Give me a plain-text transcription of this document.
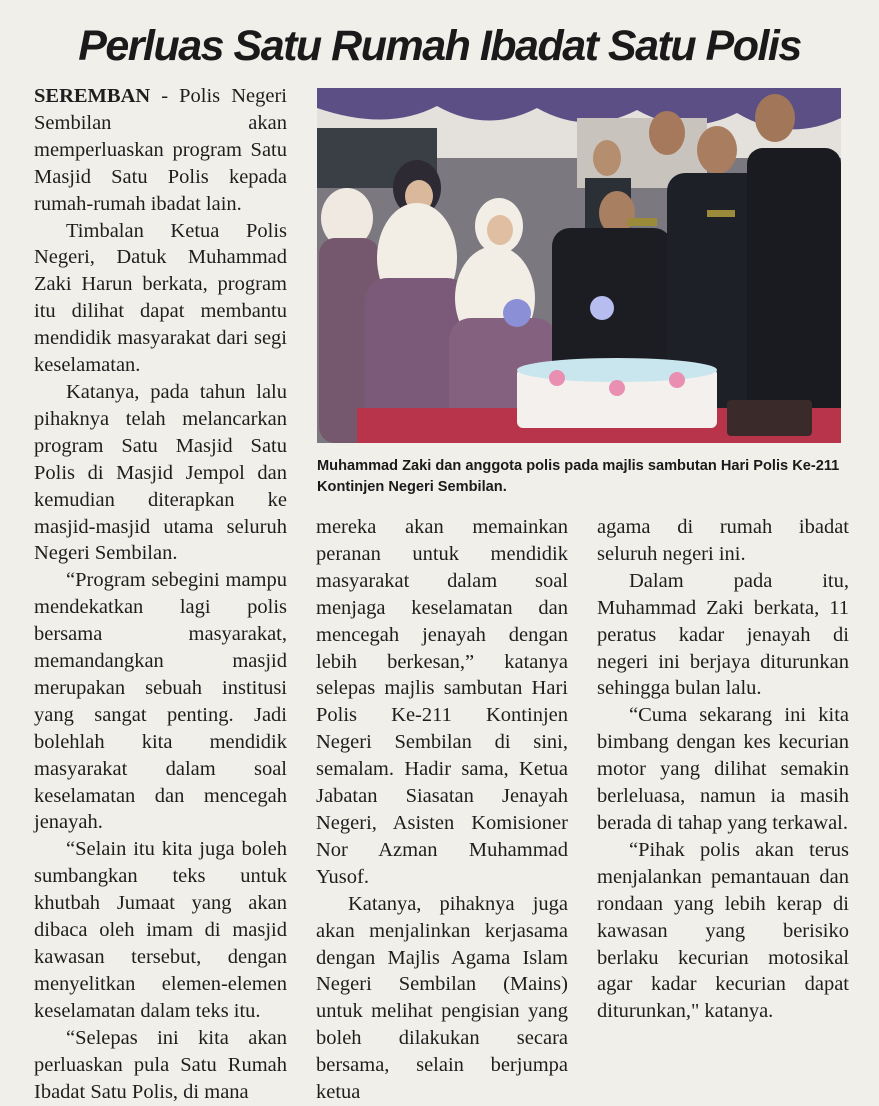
Perluas Satu Rumah Ibadat Satu Polis

SEREMBAN - Polis Negeri Sembilan akan memperluaskan program Satu Masjid Satu Polis kepada rumah-rumah ibadat lain.

Timbalan Ketua Polis Negeri, Datuk Muhammad Zaki Harun berkata, program itu dilihat dapat membantu mendidik masyarakat dari segi keselamatan.

Katanya, pada tahun lalu pihaknya telah melancarkan program Satu Masjid Satu Polis di Masjid Jempol dan kemudian diterapkan ke masjid-masjid utama seluruh Negeri Sembilan.

“Program sebegini mampu mendekatkan lagi polis bersama masyarakat, memandangkan masjid merupakan sebuah institusi yang sangat penting. Jadi bolehlah kita mendidik masyarakat dalam soal keselamatan dan mencegah jenayah.

“Selain itu kita juga boleh sumbangkan teks untuk khutbah Jumaat yang akan dibaca oleh imam di masjid kawasan tersebut, dengan menyelitkan elemen-elemen keselamatan dalam teks itu.

“Selepas ini kita akan perluaskan pula Satu Rumah Ibadat Satu Polis, di mana

Muhammad Zaki dan anggota polis pada majlis sambutan Hari Polis Ke-211 Kontinjen Negeri Sembilan.

mereka akan memainkan peranan untuk mendidik masyarakat dalam soal menjaga keselamatan dan mencegah jenayah dengan lebih berkesan,” katanya selepas majlis sambutan Hari Polis Ke-211 Kontinjen Negeri Sembilan di sini, semalam. Hadir sama, Ketua Jabatan Siasatan Jenayah Negeri, Asisten Komisioner Nor Azman Muhammad Yusof.

Katanya, pihaknya juga akan menjalinkan kerjasama dengan Majlis Agama Islam Negeri Sembilan (Mains) untuk melihat pengisian yang boleh dilakukan secara bersama, selain berjumpa ketua

agama di rumah ibadat seluruh negeri ini.

Dalam pada itu, Muhammad Zaki berkata, 11 peratus kadar jenayah di negeri ini berjaya diturunkan sehingga bulan lalu.

“Cuma sekarang ini kita bimbang dengan kes kecurian motor yang dilihat semakin berleluasa, namun ia masih berada di tahap yang terkawal.

“Pihak polis akan terus menjalankan pemantauan dan rondaan yang lebih kerap di kawasan yang berisiko berlaku kecurian motosikal agar kadar kecurian dapat diturunkan," katanya.
